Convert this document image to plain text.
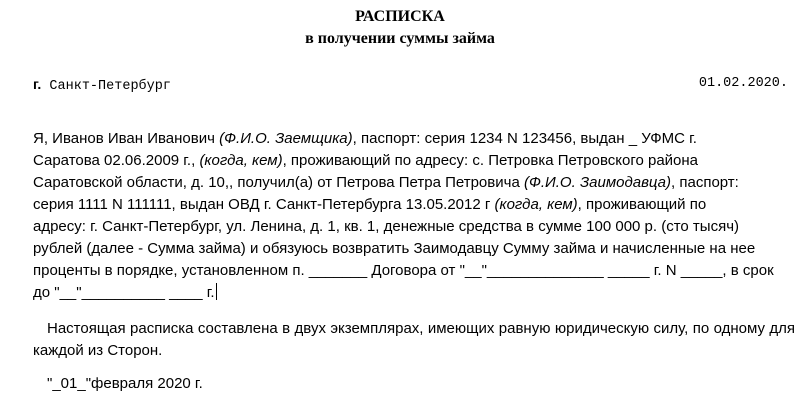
РАСПИСКА
в получении суммы займа
г. Санкт-Петербург	01.02.2020.
Я, Иванов Иван Иванович (Ф.И.О. Заемщика), паспорт: серия 1234 N 123456, выдан _ УФМС г.
Саратова 02.06.2009 г., (когда, кем), проживающий по адресу: с. Петровка Петровского района
Саратовской области, д. 10,, получил(а) от Петрова Петра Петровича (Ф.И.О. Заимодавца), паспорт:
серия 1111 N 111111, выдан ОВД г. Санкт-Петербурга 13.05.2012 г (когда, кем), проживающий по
адресу: г. Санкт-Петербург, ул. Ленина, д. 1, кв. 1, денежные средства в сумме 100 000 р. (сто тысяч)
рублей (далее - Сумма займа) и обязуюсь возвратить Заимодавцу Сумму займа и начисленные на нее
проценты в порядке, установленном п. _______ Договора от "__"______________ _____ г. N _____, в срок
до "__"__________ ____ г.
Настоящая расписка составлена в двух экземплярах, имеющих равную юридическую силу, по одному для каждой из Сторон.
"_01_"февраля 2020 г.
